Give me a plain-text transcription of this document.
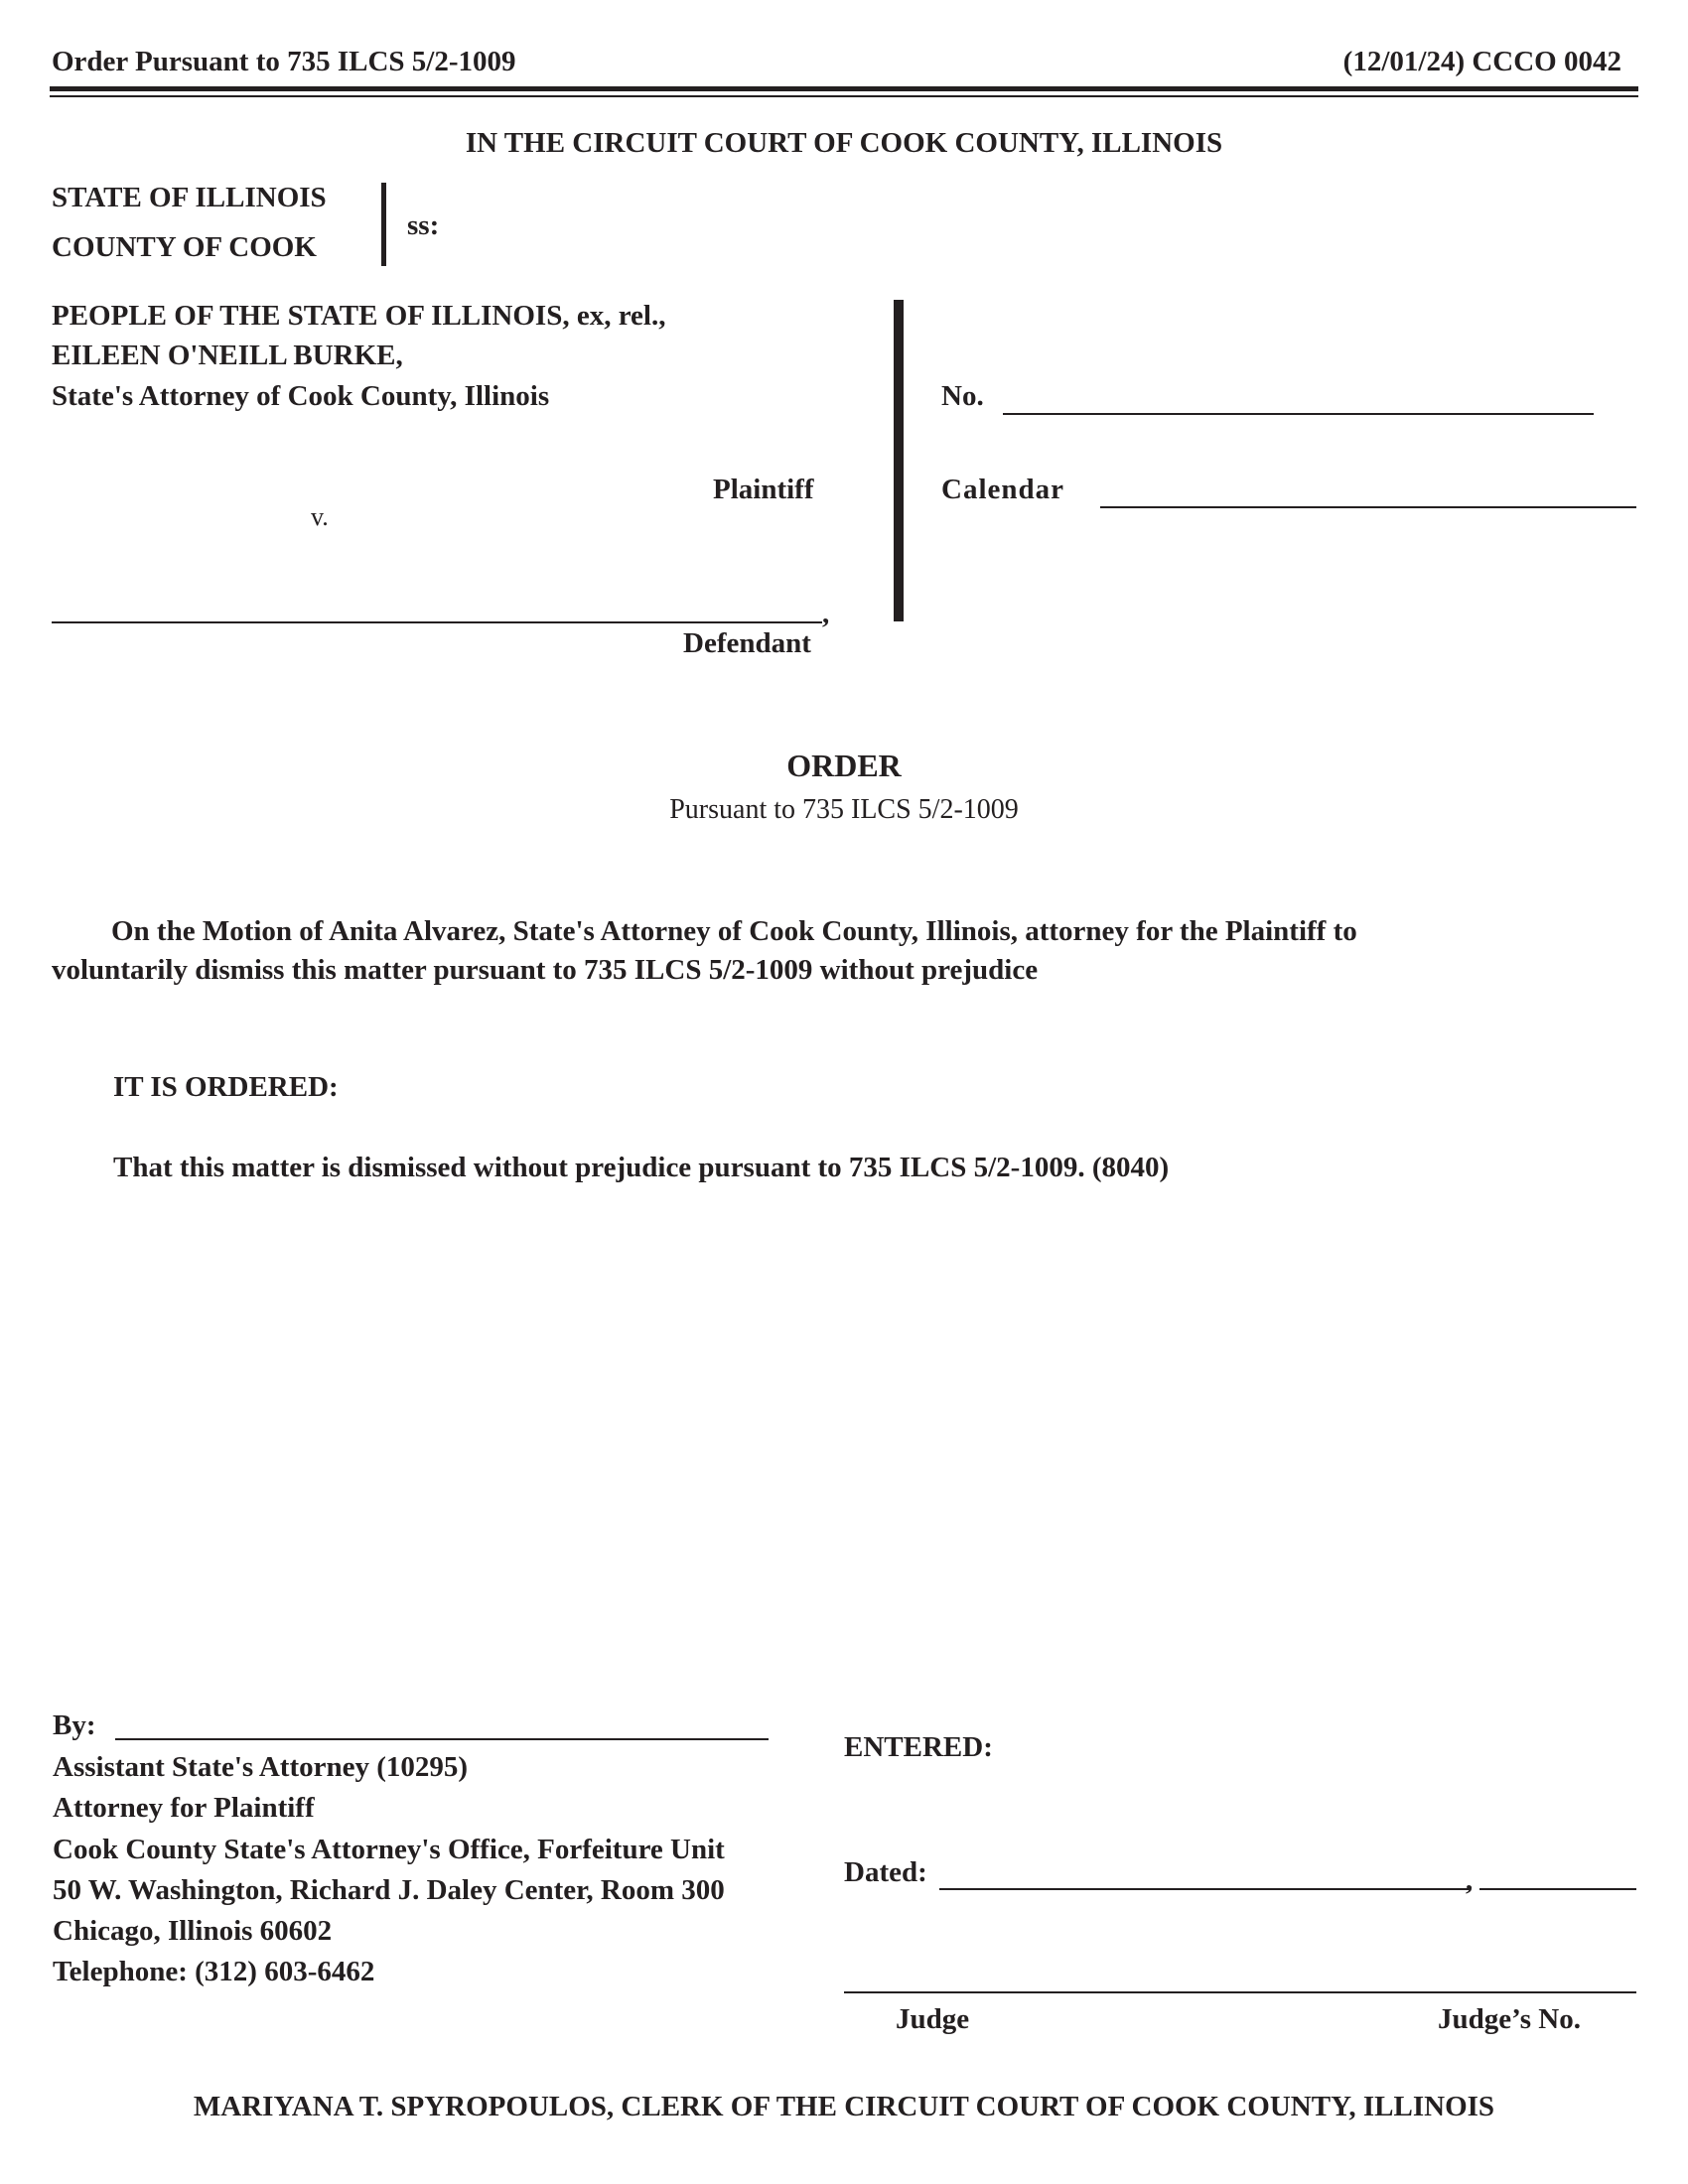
Order Pursuant to 735 ILCS 5/2-1009	(12/01/24) CCCO 0042
IN THE CIRCUIT COURT OF COOK COUNTY, ILLINOIS
STATE OF ILLINOIS
COUNTY OF COOK
ss:
PEOPLE OF THE STATE OF ILLINOIS, ex, rel.,
EILEEN O'NEILL BURKE,
State's Attorney of Cook County, Illinois
Plaintiff
v.
,
Defendant
No.
Calendar
ORDER
Pursuant to 735 ILCS 5/2-1009
On the Motion of Anita Alvarez, State's Attorney of Cook County, Illinois, attorney for the Plaintiff to
voluntarily dismiss this matter pursuant to 735 ILCS 5/2-1009 without prejudice
IT IS ORDERED:
That this matter is dismissed without prejudice pursuant to 735 ILCS 5/2-1009. (8040)
By:
Assistant State's Attorney (10295)
Attorney for Plaintiff
Cook County State's Attorney's Office, Forfeiture Unit
50 W. Washington, Richard J. Daley Center, Room 300
Chicago, Illinois 60602
Telephone: (312) 603-6462
ENTERED:
Dated:	,
Judge	Judge’s No.
MARIYANA T. SPYROPOULOS, CLERK OF THE CIRCUIT COURT OF COOK COUNTY, ILLINOIS
